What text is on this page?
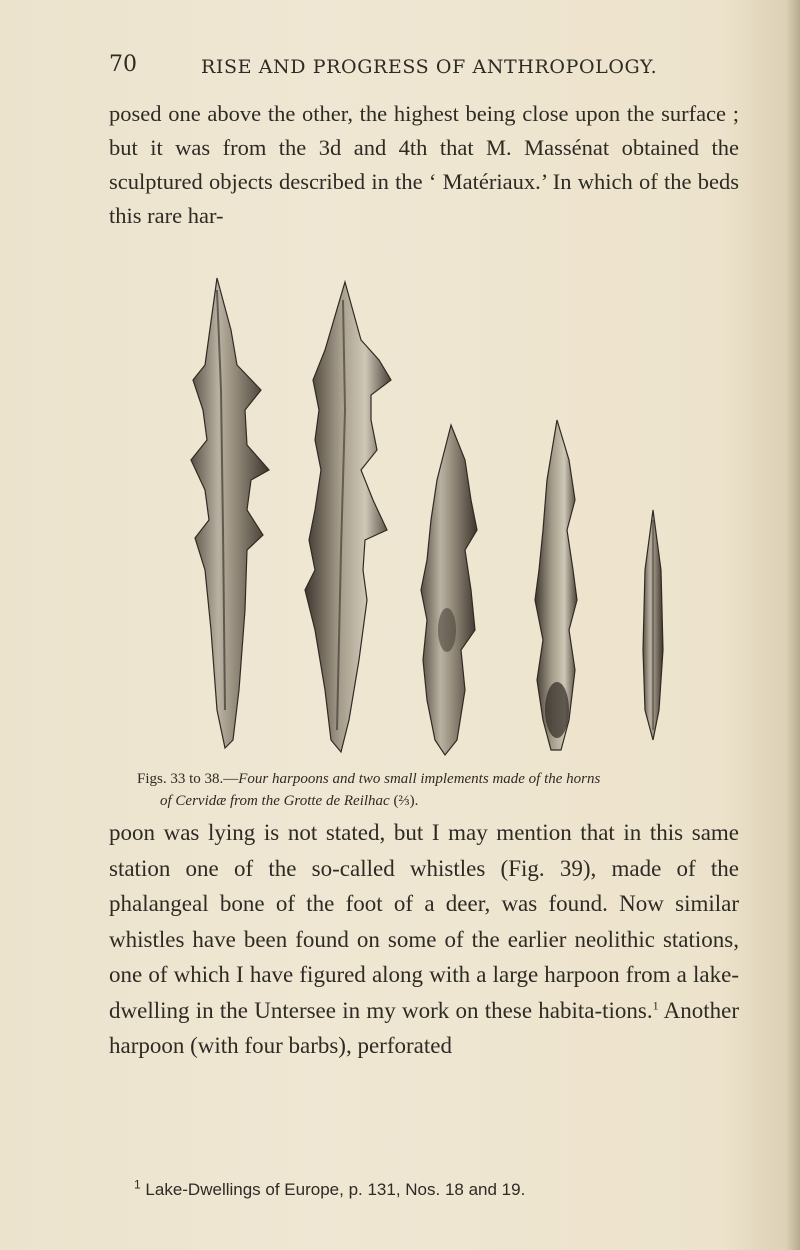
70	RISE AND PROGRESS OF ANTHROPOLOGY.

posed one above the other, the highest being close upon the surface ; but it was from the 3d and 4th that M. Massénat obtained the sculptured objects described in the ‘ Matériaux.’ In which of the beds this rare har-

Figs. 33 to 38.—Four harpoons and two small implements made of the horns
of Cervidæ from the Grotte de Reilhac (⅔).

poon was lying is not stated, but I may mention that in this same station one of the so-called whistles (Fig. 39), made of the phalangeal bone of the foot of a deer, was found. Now similar whistles have been found on some of the earlier neolithic stations, one of which I have figured along with a large harpoon from a lake-dwelling in the Untersee in my work on these habita-tions.$^1$ Another harpoon (with four barbs), perforated

$^1$ Lake-Dwellings of Europe, p. 131, Nos. 18 and 19.
